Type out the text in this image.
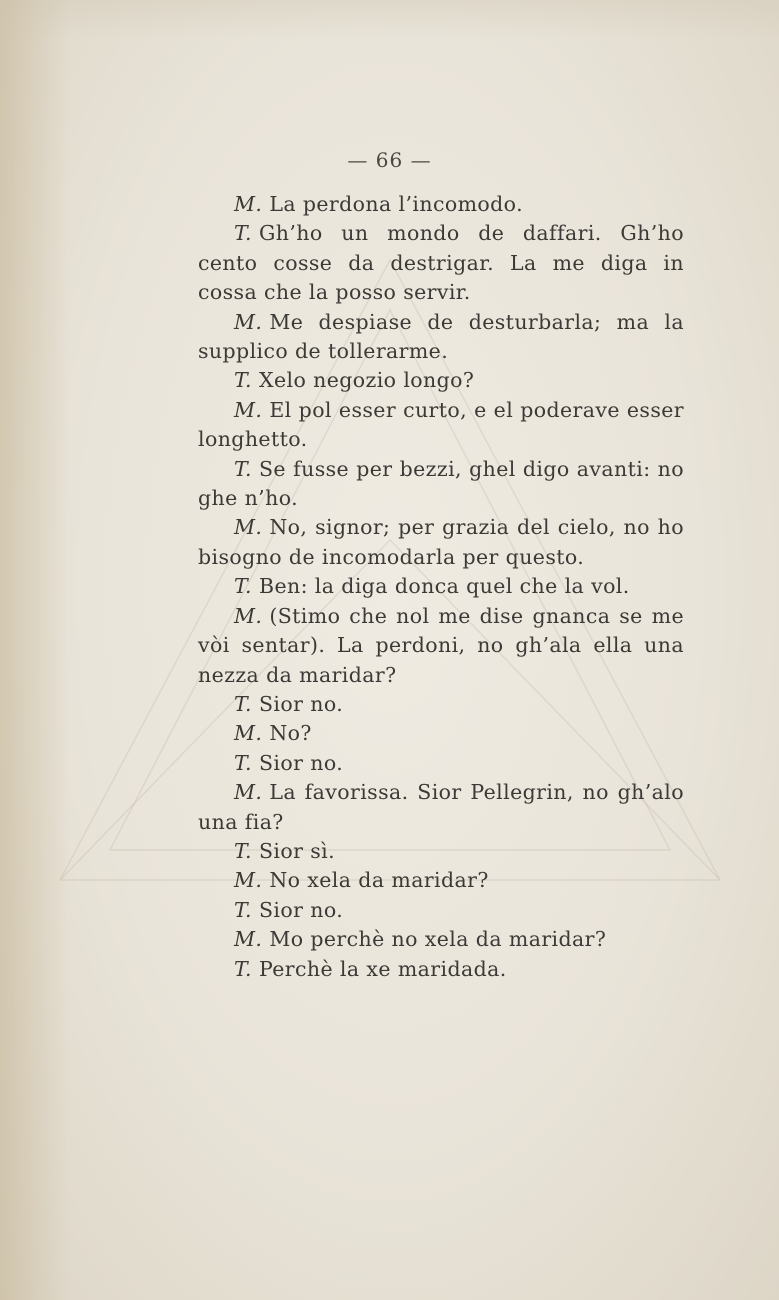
— 66 —

M. La perdona l’incomodo.

T. Gh’ho un mondo de daffari. Gh’ho cento cosse da destrigar. La me diga in cossa che la posso servir.

M. Me despiase de desturbarla; ma la supplico de tollerarme.

T. Xelo negozio longo?

M. El pol esser curto, e el poderave esser longhetto.

T. Se fusse per bezzi, ghel digo avanti: no ghe n’ho.

M. No, signor; per grazia del cielo, no ho bisogno de incomodarla per questo.

T. Ben: la diga donca quel che la vol.

M. (Stimo che nol me dise gnanca se me vòi sentar). La perdoni, no gh’ala ella una nezza da maridar?

T. Sior no.

M. No?

T. Sior no.

M. La favorissa. Sior Pellegrin, no gh’alo una fia?

T. Sior sì.

M. No xela da maridar?

T. Sior no.

M. Mo perchè no xela da maridar?

T. Perchè la xe maridada.
